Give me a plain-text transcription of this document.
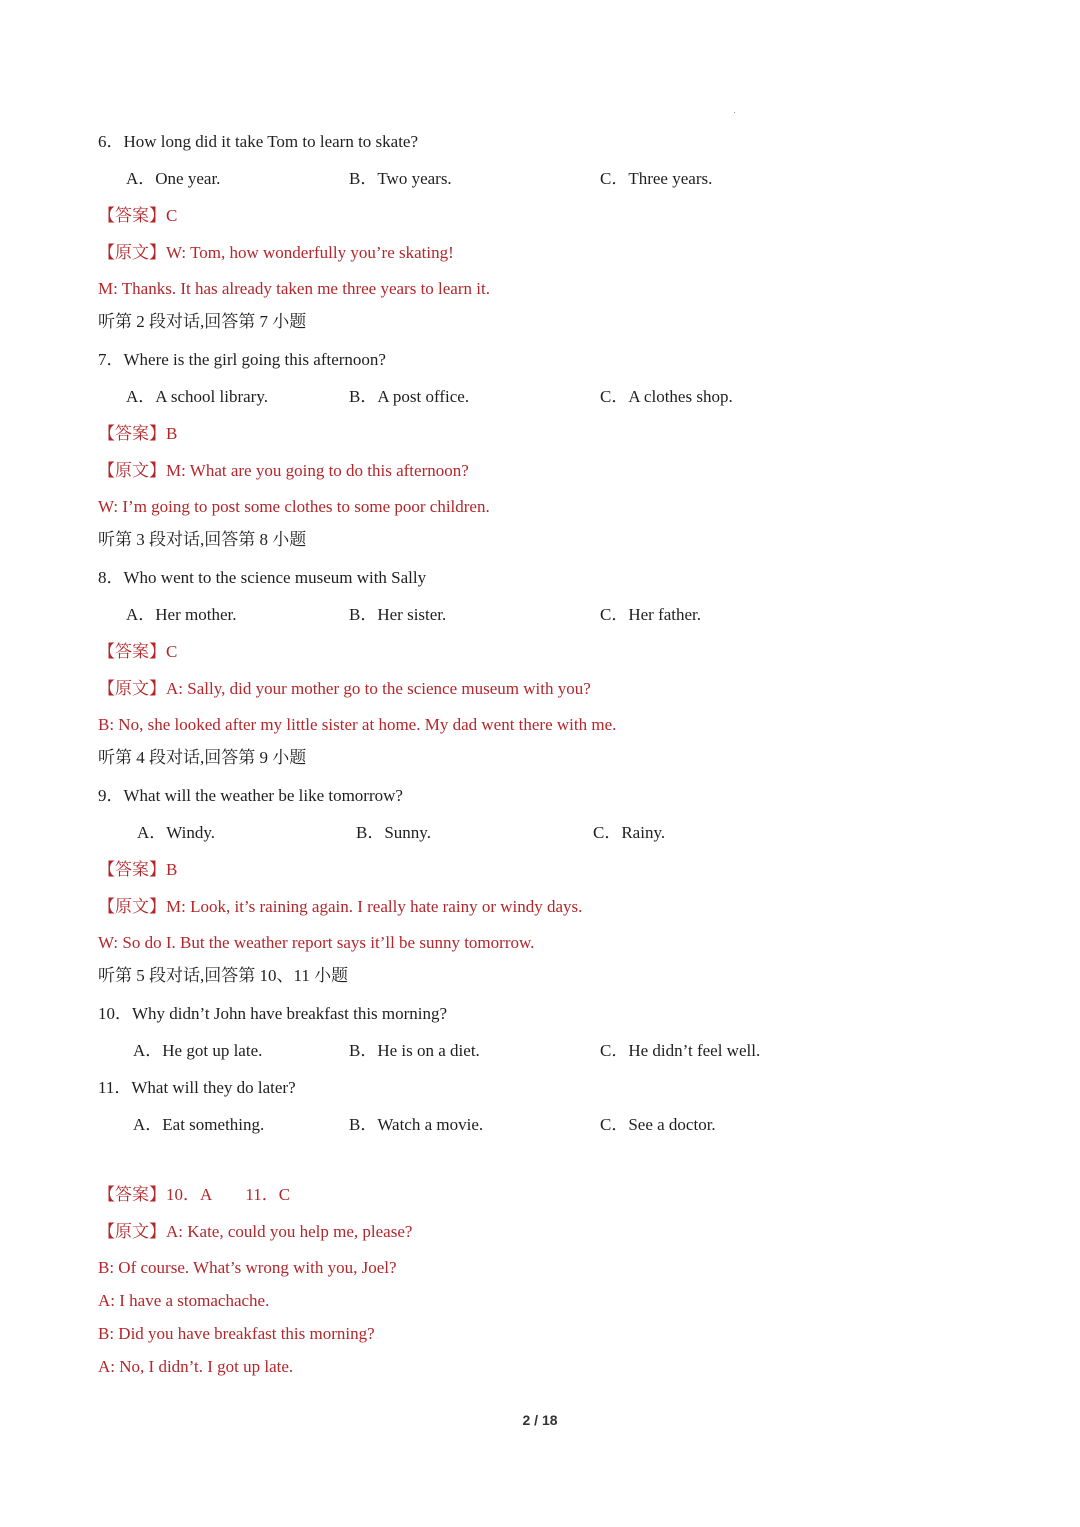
6．How long did it take Tom to learn to skate?
A．One year.	B．Two years.	C．Three years.
【答案】C
【原文】W: Tom, how wonderfully you’re skating!
M: Thanks. It has already taken me three years to learn it.
听第 2 段对话,回答第 7 小题
7．Where is the girl going this afternoon?
A．A school library.	B．A post office.	C．A clothes shop.
【答案】B
【原文】M: What are you going to do this afternoon?
W: I’m going to post some clothes to some poor children.
听第 3 段对话,回答第 8 小题
8．Who went to the science museum with Sally
A．Her mother.	B．Her sister.	C．Her father.
【答案】C
【原文】A: Sally, did your mother go to the science museum with you?
B: No, she looked after my little sister at home. My dad went there with me.
听第 4 段对话,回答第 9 小题
9．What will the weather be like tomorrow?
A．Windy.	B．Sunny.	C．Rainy.
【答案】B
【原文】M: Look, it’s raining again. I really hate rainy or windy days.
W: So do I. But the weather report says it’ll be sunny tomorrow.
听第 5 段对话,回答第 10、11 小题
10．Why didn’t John have breakfast this morning?
A．He got up late.	B．He is on a diet.	C．He didn’t feel well.
11．What will they do later?
A．Eat something.	B．Watch a movie.	C．See a doctor.
【答案】10．A　　11．C
【原文】A: Kate, could you help me, please?
B: Of course. What’s wrong with you, Joel?
A: I have a stomachache.
B: Did you have breakfast this morning?
A: No, I didn’t. I got up late.
2 / 18
